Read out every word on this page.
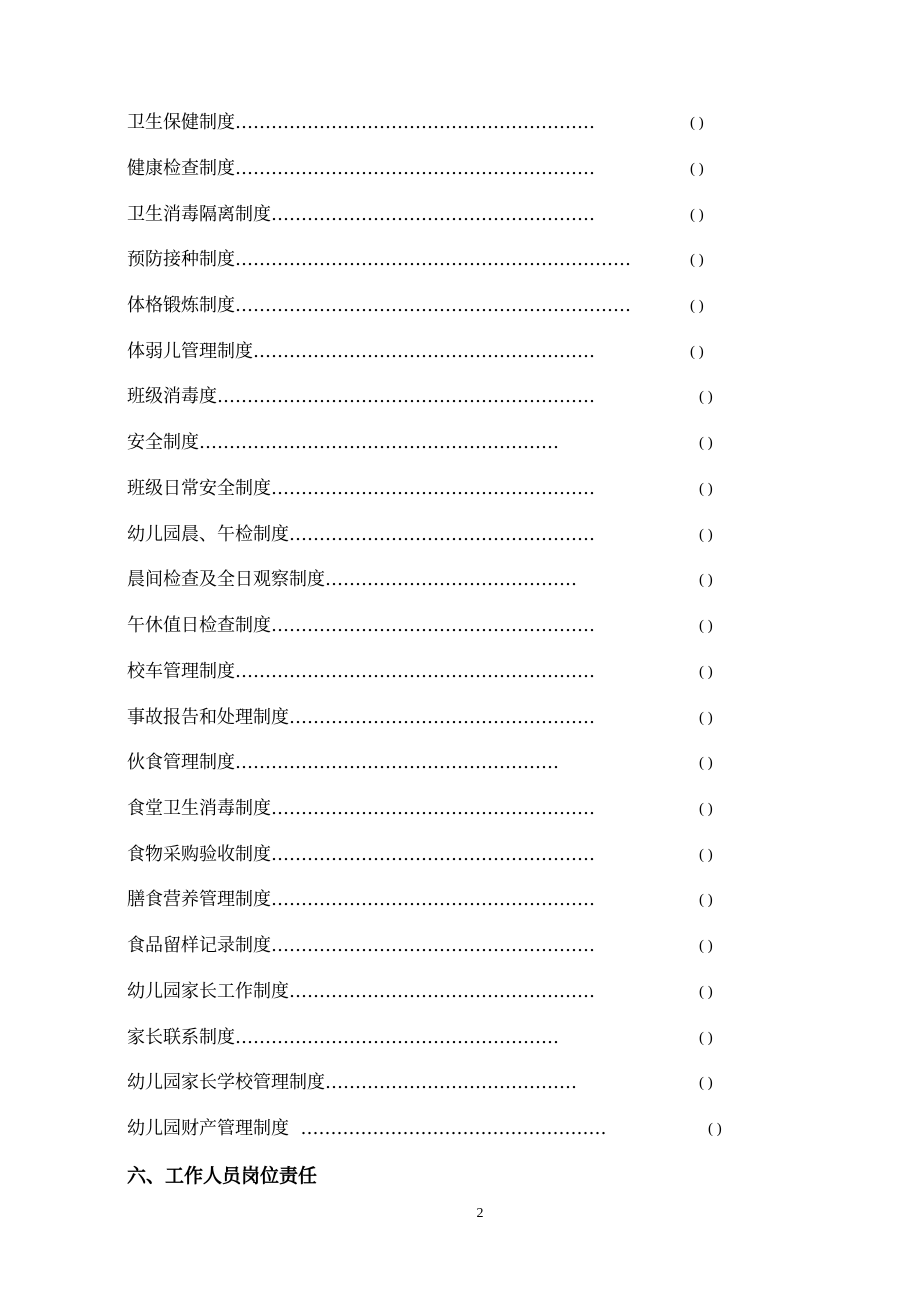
卫生保健制度……………………………………………………	( )
健康检查制度……………………………………………………	( )
卫生消毒隔离制度………………………………………………	( )
预防接种制度…………………………………………………………	( )
体格锻炼制度…………………………………………………………	( )
体弱儿管理制度…………………………………………………	( )
班级消毒度………………………………………………………	( )
安全制度……………………………………………………	( )
班级日常安全制度………………………………………………	( )
幼儿园晨、午检制度……………………………………………	( )
晨间检查及全日观察制度……………………………………	( )
午休值日检查制度………………………………………………	( )
校车管理制度……………………………………………………	( )
事故报告和处理制度……………………………………………	( )
伙食管理制度………………………………………………	( )
食堂卫生消毒制度………………………………………………	( )
食物采购验收制度………………………………………………	( )
膳食营养管理制度………………………………………………	( )
食品留样记录制度………………………………………………	( )
幼儿园家长工作制度……………………………………………	( )
家长联系制度………………………………………………	( )
幼儿园家长学校管理制度……………………………………	( )
幼儿园财产管理制度  ……………………………………………	( )
六、工作人员岗位责任
2
